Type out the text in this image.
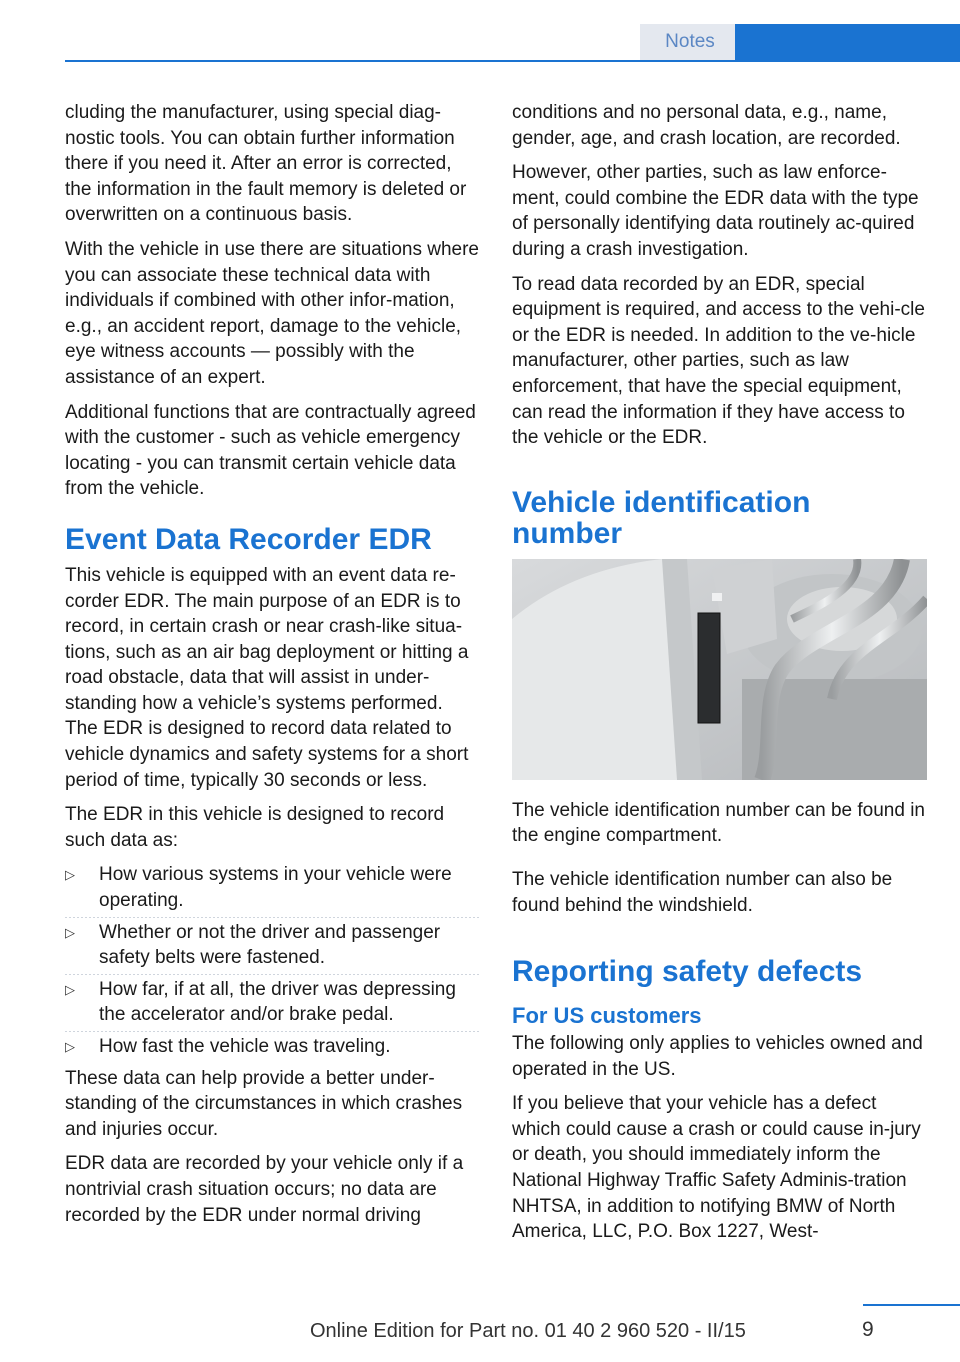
Notes

cluding the manufacturer, using special diag‐nostic tools. You can obtain further information there if you need it. After an error is corrected, the information in the fault memory is deleted or overwritten on a continuous basis.

With the vehicle in use there are situations where you can associate these technical data with individuals if combined with other infor‐mation, e.g., an accident report, damage to the vehicle, eye witness accounts — possibly with the assistance of an expert.

Additional functions that are contractually agreed with the customer - such as vehicle emergency locating - you can transmit certain vehicle data from the vehicle.

Event Data Recorder EDR

This vehicle is equipped with an event data re‐corder EDR. The main purpose of an EDR is to record, in certain crash or near crash-like situa‐tions, such as an air bag deployment or hitting a road obstacle, data that will assist in under‐standing how a vehicle’s systems performed. The EDR is designed to record data related to vehicle dynamics and safety systems for a short period of time, typically 30 seconds or less.

The EDR in this vehicle is designed to record such data as:

▷ How various systems in your vehicle were operating.
▷ Whether or not the driver and passenger safety belts were fastened.
▷ How far, if at all, the driver was depressing the accelerator and/or brake pedal.
▷ How fast the vehicle was traveling.

These data can help provide a better under‐standing of the circumstances in which crashes and injuries occur.

EDR data are recorded by your vehicle only if a nontrivial crash situation occurs; no data are recorded by the EDR under normal driving

conditions and no personal data, e.g., name, gender, age, and crash location, are recorded.

However, other parties, such as law enforce‐ment, could combine the EDR data with the type of personally identifying data routinely ac‐quired during a crash investigation.

To read data recorded by an EDR, special equipment is required, and access to the vehi‐cle or the EDR is needed. In addition to the ve‐hicle manufacturer, other parties, such as law enforcement, that have the special equipment, can read the information if they have access to the vehicle or the EDR.

Vehicle identification number

The vehicle identification number can be found in the engine compartment.

The vehicle identification number can also be found behind the windshield.

Reporting safety defects
For US customers

The following only applies to vehicles owned and operated in the US.

If you believe that your vehicle has a defect which could cause a crash or could cause in‐jury or death, you should immediately inform the National Highway Traffic Safety Adminis‐tration NHTSA, in addition to notifying BMW of North America, LLC, P.O. Box 1227, West-

Online Edition for Part no. 01 40 2 960 520 - II/15	9
